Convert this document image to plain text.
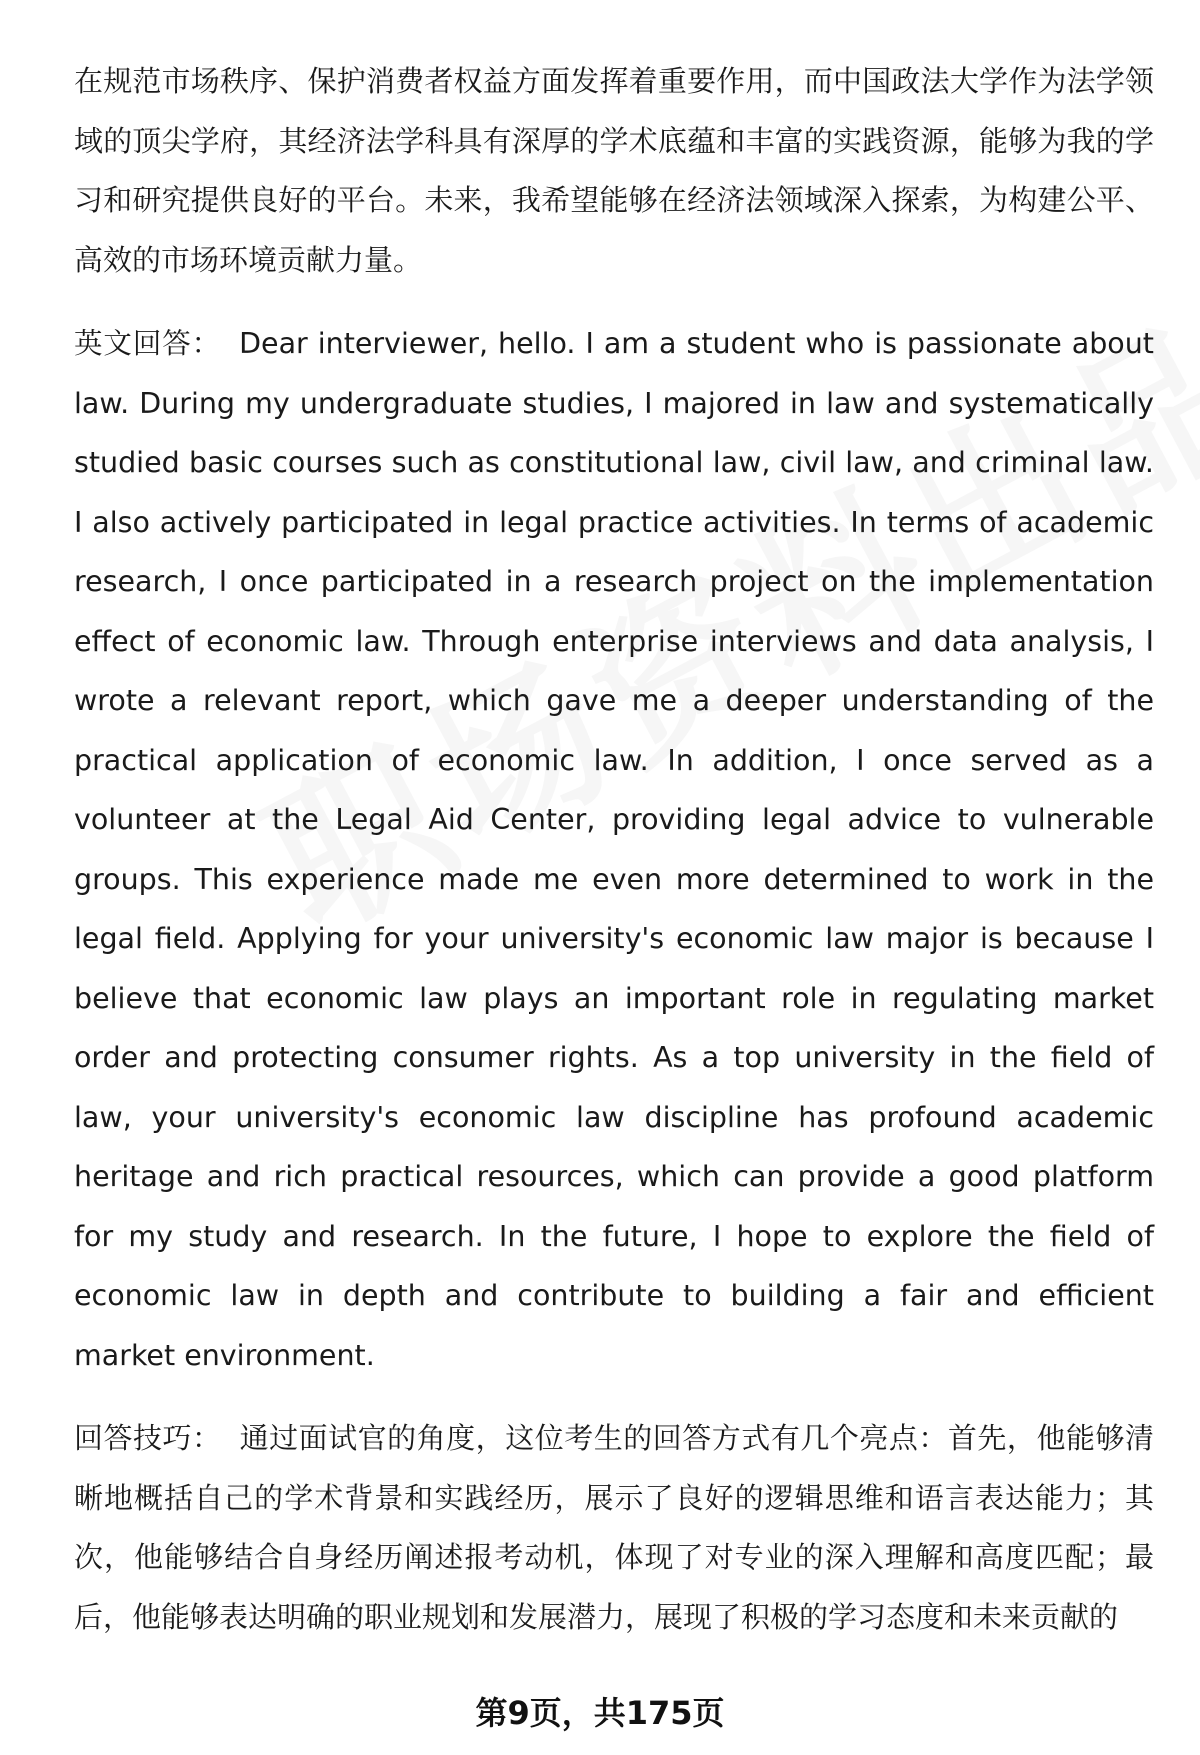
在规范市场秩序、保护消费者权益方面发挥着重要作用，而中国政法大学作为法学领域的顶尖学府，其经济法学科具有深厚的学术底蕴和丰富的实践资源，能够为我的学习和研究提供良好的平台。未来，我希望能够在经济法领域深入探索，为构建公平、高效的市场环境贡献力量。

英文回答： Dear interviewer, hello. I am a student who is passionate about law. During my undergraduate studies, I majored in law and systematically studied basic courses such as constitutional law, civil law, and criminal law. I also actively participated in legal practice activities. In terms of academic research, I once participated in a research project on the implementation effect of economic law. Through enterprise interviews and data analysis, I wrote a relevant report, which gave me a deeper understanding of the practical application of economic law. In addition, I once served as a volunteer at the Legal Aid Center, providing legal advice to vulnerable groups. This experience made me even more determined to work in the legal field. Applying for your university's economic law major is because I believe that economic law plays an important role in regulating market order and protecting consumer rights. As a top university in the field of law, your university's economic law discipline has profound academic heritage and rich practical resources, which can provide a good platform for my study and research. In the future, I hope to explore the field of economic law in depth and contribute to building a fair and efficient market environment.

回答技巧： 通过面试官的角度，这位考生的回答方式有几个亮点：首先，他能够清晰地概括自己的学术背景和实践经历，展示了良好的逻辑思维和语言表达能力；其次，他能够结合自身经历阐述报考动机，体现了对专业的深入理解和高度匹配；最后，他能够表达明确的职业规划和发展潜力，展现了积极的学习态度和未来贡献的

第9页，共175页
